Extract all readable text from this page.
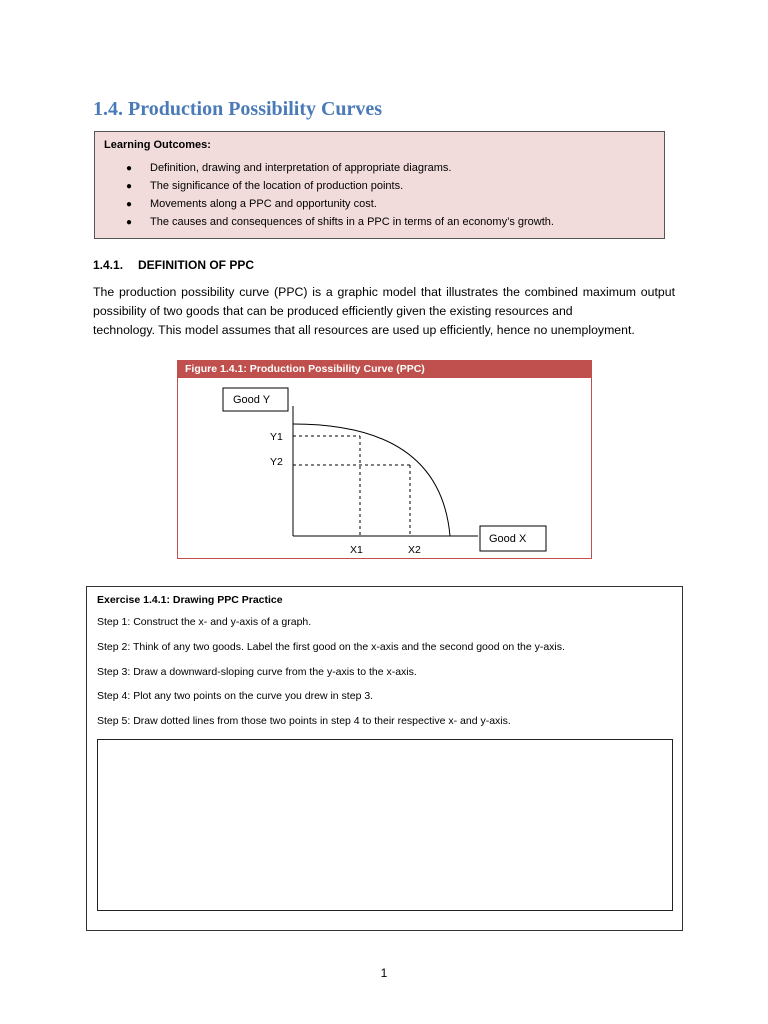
1.4. Production Possibility Curves
Learning Outcomes:
● Definition, drawing and interpretation of appropriate diagrams.
● The significance of the location of production points.
● Movements along a PPC and opportunity cost.
● The causes and consequences of shifts in a PPC in terms of an economy’s growth.
1.4.1. DEFINITION OF PPC

The production possibility curve (PPC) is a graphic model that illustrates the combined maximum output possibility of two goods that can be produced efficiently given the existing resources and
technology. This model assumes that all resources are used up efficiently, hence no unemployment.

Figure 1.4.1: Production Possibility Curve (PPC)
Good Y
Good X
Y1
Y2
X1	X2
Exercise 1.4.1: Drawing PPC Practice
Step 1: Construct the x- and y-axis of a graph.
Step 2: Think of any two goods. Label the first good on the x-axis and the second good on the y-axis.
Step 3: Draw a downward-sloping curve from the y-axis to the x-axis.
Step 4: Plot any two points on the curve you drew in step 3.
Step 5: Draw dotted lines from those two points in step 4 to their respective x- and y-axis.
1
